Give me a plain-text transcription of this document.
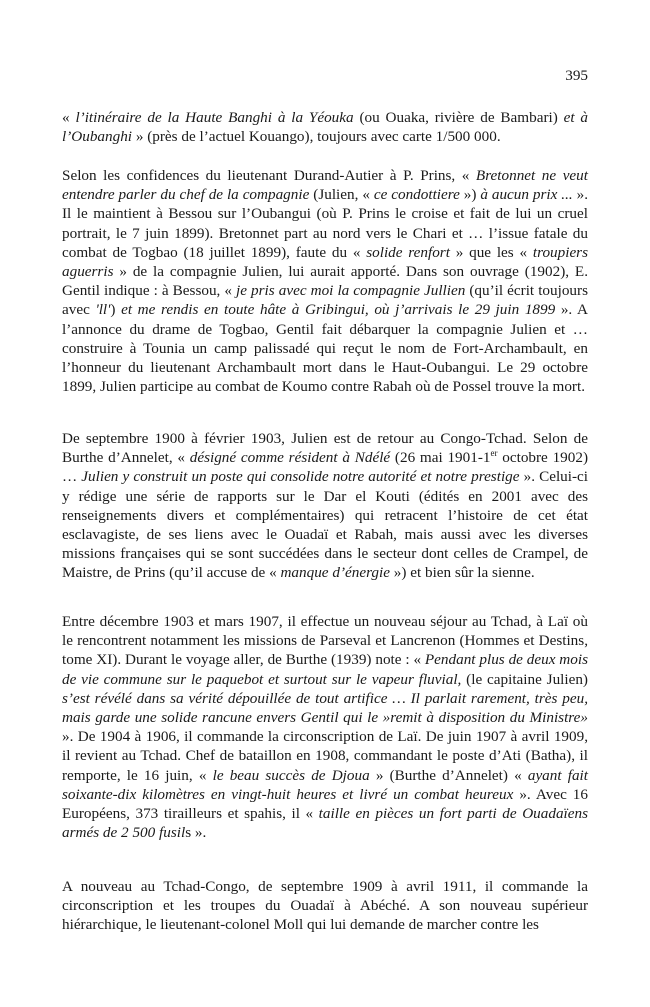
395

« l’itinéraire de la Haute Banghi à la Yéouka (ou Ouaka, rivière de Bambari) et à l’Oubanghi » (près de l’actuel Kouango), toujours avec carte 1/500 000.

Selon les confidences du lieutenant Durand-Autier à P. Prins, « Bretonnet ne veut entendre parler du chef de la compagnie (Julien, « ce condottiere ») à aucun prix ... ». Il le maintient à Bessou sur l’Oubangui (où P. Prins le croise et fait de lui un cruel portrait, le 7 juin 1899). Bretonnet part au nord vers le Chari et … l’issue fatale du combat de Togbao (18 juillet 1899), faute du « solide renfort » que les « troupiers aguerris » de la compagnie Julien, lui aurait apporté. Dans son ouvrage (1902), E. Gentil indique : à Bessou, « je pris avec moi la compagnie Jullien (qu’il écrit toujours avec 'll') et me rendis en toute hâte à Gribingui, où j’arrivais le 29 juin 1899 ». A l’annonce du drame de Togbao, Gentil fait débarquer la compagnie Julien et … construire à Tounia un camp palissadé qui reçut le nom de Fort-Archambault, en l’honneur du lieutenant Archambault mort dans le Haut-Oubangui. Le 29 octobre 1899, Julien participe au combat de Koumo contre Rabah où de Possel trouve la mort.

De septembre 1900 à février 1903, Julien est de retour au Congo-Tchad. Selon de Burthe d’Annelet, « désigné comme résident à Ndélé (26 mai 1901-1er octobre 1902) … Julien y construit un poste qui consolide notre autorité et notre prestige ». Celui-ci y rédige une série de rapports sur le Dar el Kouti (édités en 2001 avec des renseignements divers et complémentaires) qui retracent l’histoire de cet état esclavagiste, de ses liens avec le Ouadaï et Rabah, mais aussi avec les diverses missions françaises qui se sont succédées dans le secteur dont celles de Crampel, de Maistre, de Prins (qu’il accuse de « manque d’énergie ») et bien sûr la sienne.

Entre décembre 1903 et mars 1907, il effectue un nouveau séjour au Tchad, à Laï où le rencontrent notamment les missions de Parseval et Lancrenon (Hommes et Destins, tome XI). Durant le voyage aller, de Burthe (1939) note : « Pendant plus de deux mois de vie commune sur le paquebot et surtout sur le vapeur fluvial, (le capitaine Julien) s’est révélé dans sa vérité dépouillée de tout artifice … Il parlait rarement, très peu, mais garde une solide rancune envers Gentil qui le »remit à disposition du Ministre» ». De 1904 à 1906, il commande la circonscription de Laï. De juin 1907 à avril 1909, il revient au Tchad. Chef de bataillon en 1908, commandant le poste d’Ati (Batha), il remporte, le 16 juin, « le beau succès de Djoua » (Burthe d’Annelet) « ayant fait soixante-dix kilomètres en vingt-huit heures et livré un combat heureux ». Avec 16 Européens, 373 tirailleurs et spahis, il « taille en pièces un fort parti de Ouadaïens armés de 2 500 fusils ».

A nouveau au Tchad-Congo, de septembre 1909 à avril 1911, il commande la circonscription et les troupes du Ouadaï à Abéché. A son nouveau supérieur hiérarchique, le lieutenant-colonel Moll qui lui demande de marcher contre les
